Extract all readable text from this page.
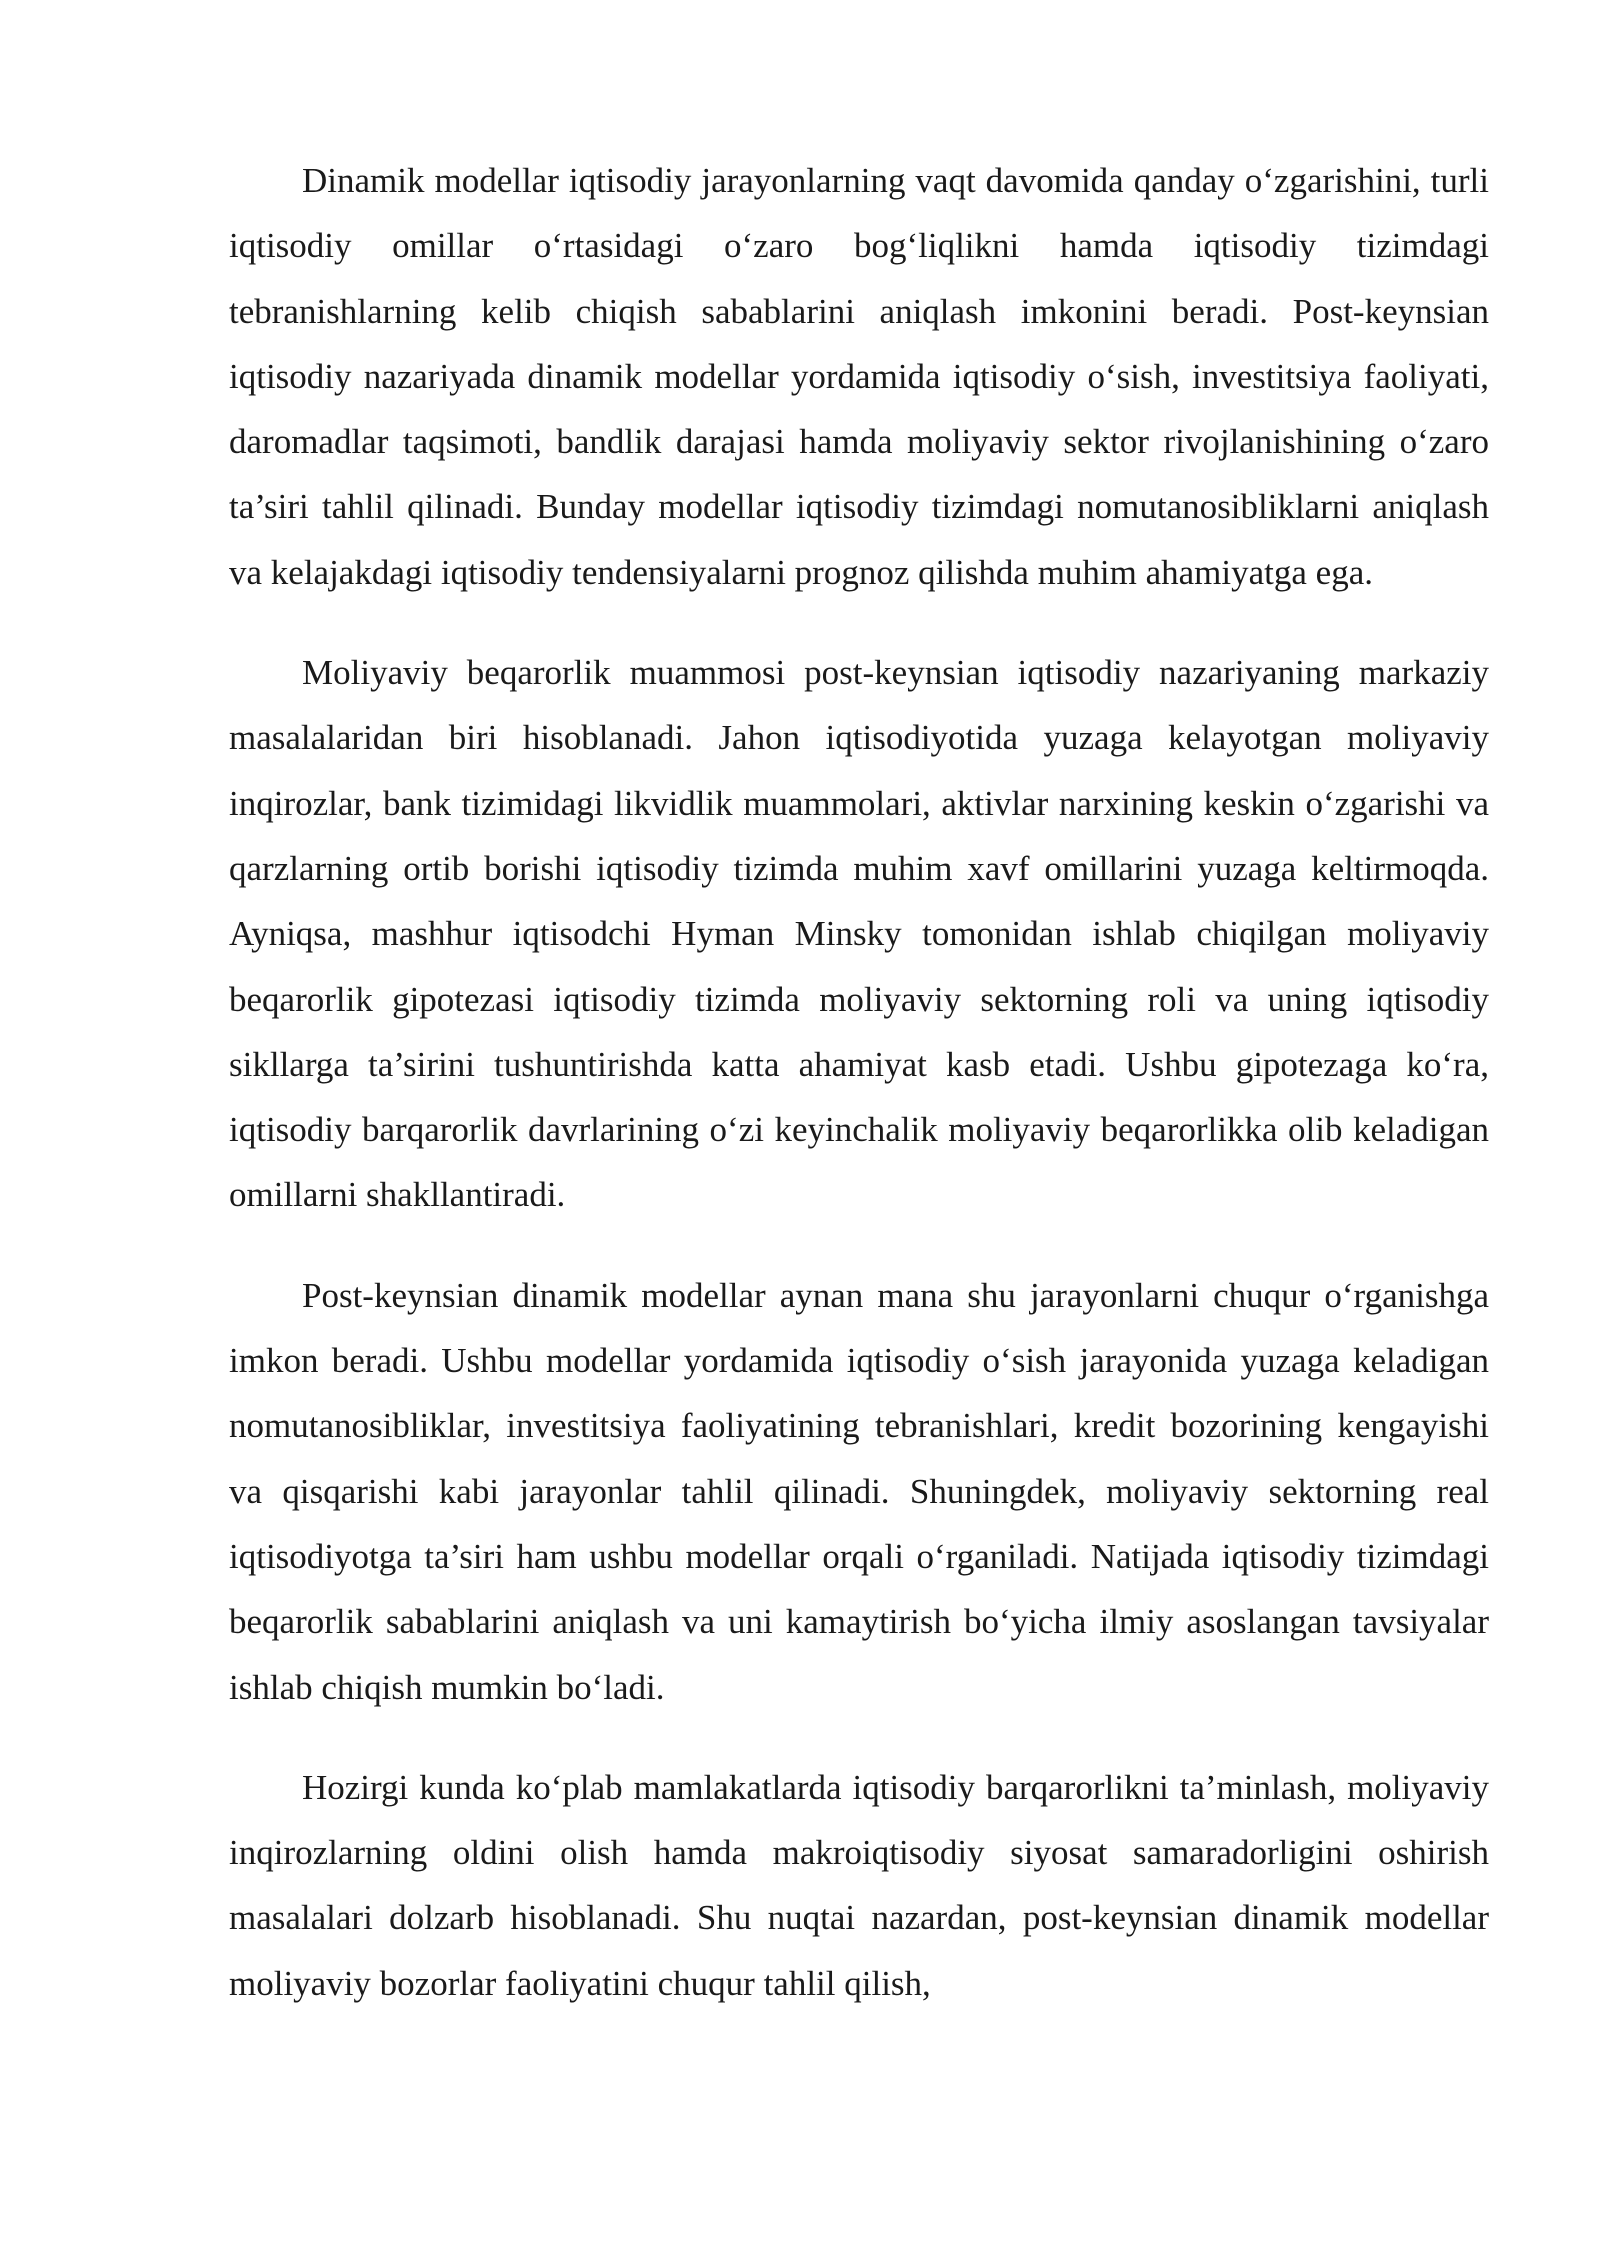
Dinamik modellar iqtisodiy jarayonlarning vaqt davomida qanday o‘zgarishini, turli iqtisodiy omillar o‘rtasidagi o‘zaro bog‘liqlikni hamda iqtisodiy tizimdagi tebranishlarning kelib chiqish sabablarini aniqlash imkonini beradi. Post-keynsian iqtisodiy nazariyada dinamik modellar yordamida iqtisodiy o‘sish, investitsiya faoliyati, daromadlar taqsimoti, bandlik darajasi hamda moliyaviy sektor rivojlanishining o‘zaro ta’siri tahlil qilinadi. Bunday modellar iqtisodiy tizimdagi nomutanosibliklarni aniqlash va kelajakdagi iqtisodiy tendensiyalarni prognoz qilishda muhim ahamiyatga ega.

Moliyaviy beqarorlik muammosi post-keynsian iqtisodiy nazariyaning markaziy masalalaridan biri hisoblanadi. Jahon iqtisodiyotida yuzaga kelayotgan moliyaviy inqirozlar, bank tizimidagi likvidlik muammolari, aktivlar narxining keskin o‘zgarishi va qarzlarning ortib borishi iqtisodiy tizimda muhim xavf omillarini yuzaga keltirmoqda. Ayniqsa, mashhur iqtisodchi Hyman Minsky tomonidan ishlab chiqilgan moliyaviy beqarorlik gipotezasi iqtisodiy tizimda moliyaviy sektorning roli va uning iqtisodiy sikllarga ta’sirini tushuntirishda katta ahamiyat kasb etadi. Ushbu gipotezaga ko‘ra, iqtisodiy barqarorlik davrlarining o‘zi keyinchalik moliyaviy beqarorlikka olib keladigan omillarni shakllantiradi.

Post-keynsian dinamik modellar aynan mana shu jarayonlarni chuqur o‘rganishga imkon beradi. Ushbu modellar yordamida iqtisodiy o‘sish jarayonida yuzaga keladigan nomutanosibliklar, investitsiya faoliyatining tebranishlari, kredit bozorining kengayishi va qisqarishi kabi jarayonlar tahlil qilinadi. Shuningdek, moliyaviy sektorning real iqtisodiyotga ta’siri ham ushbu modellar orqali o‘rganiladi. Natijada iqtisodiy tizimdagi beqarorlik sabablarini aniqlash va uni kamaytirish bo‘yicha ilmiy asoslangan tavsiyalar ishlab chiqish mumkin bo‘ladi.

Hozirgi kunda ko‘plab mamlakatlarda iqtisodiy barqarorlikni ta’minlash, moliyaviy inqirozlarning oldini olish hamda makroiqtisodiy siyosat samaradorligini oshirish masalalari dolzarb hisoblanadi. Shu nuqtai nazardan, post-keynsian dinamik modellar moliyaviy bozorlar faoliyatini chuqur tahlil qilish,
